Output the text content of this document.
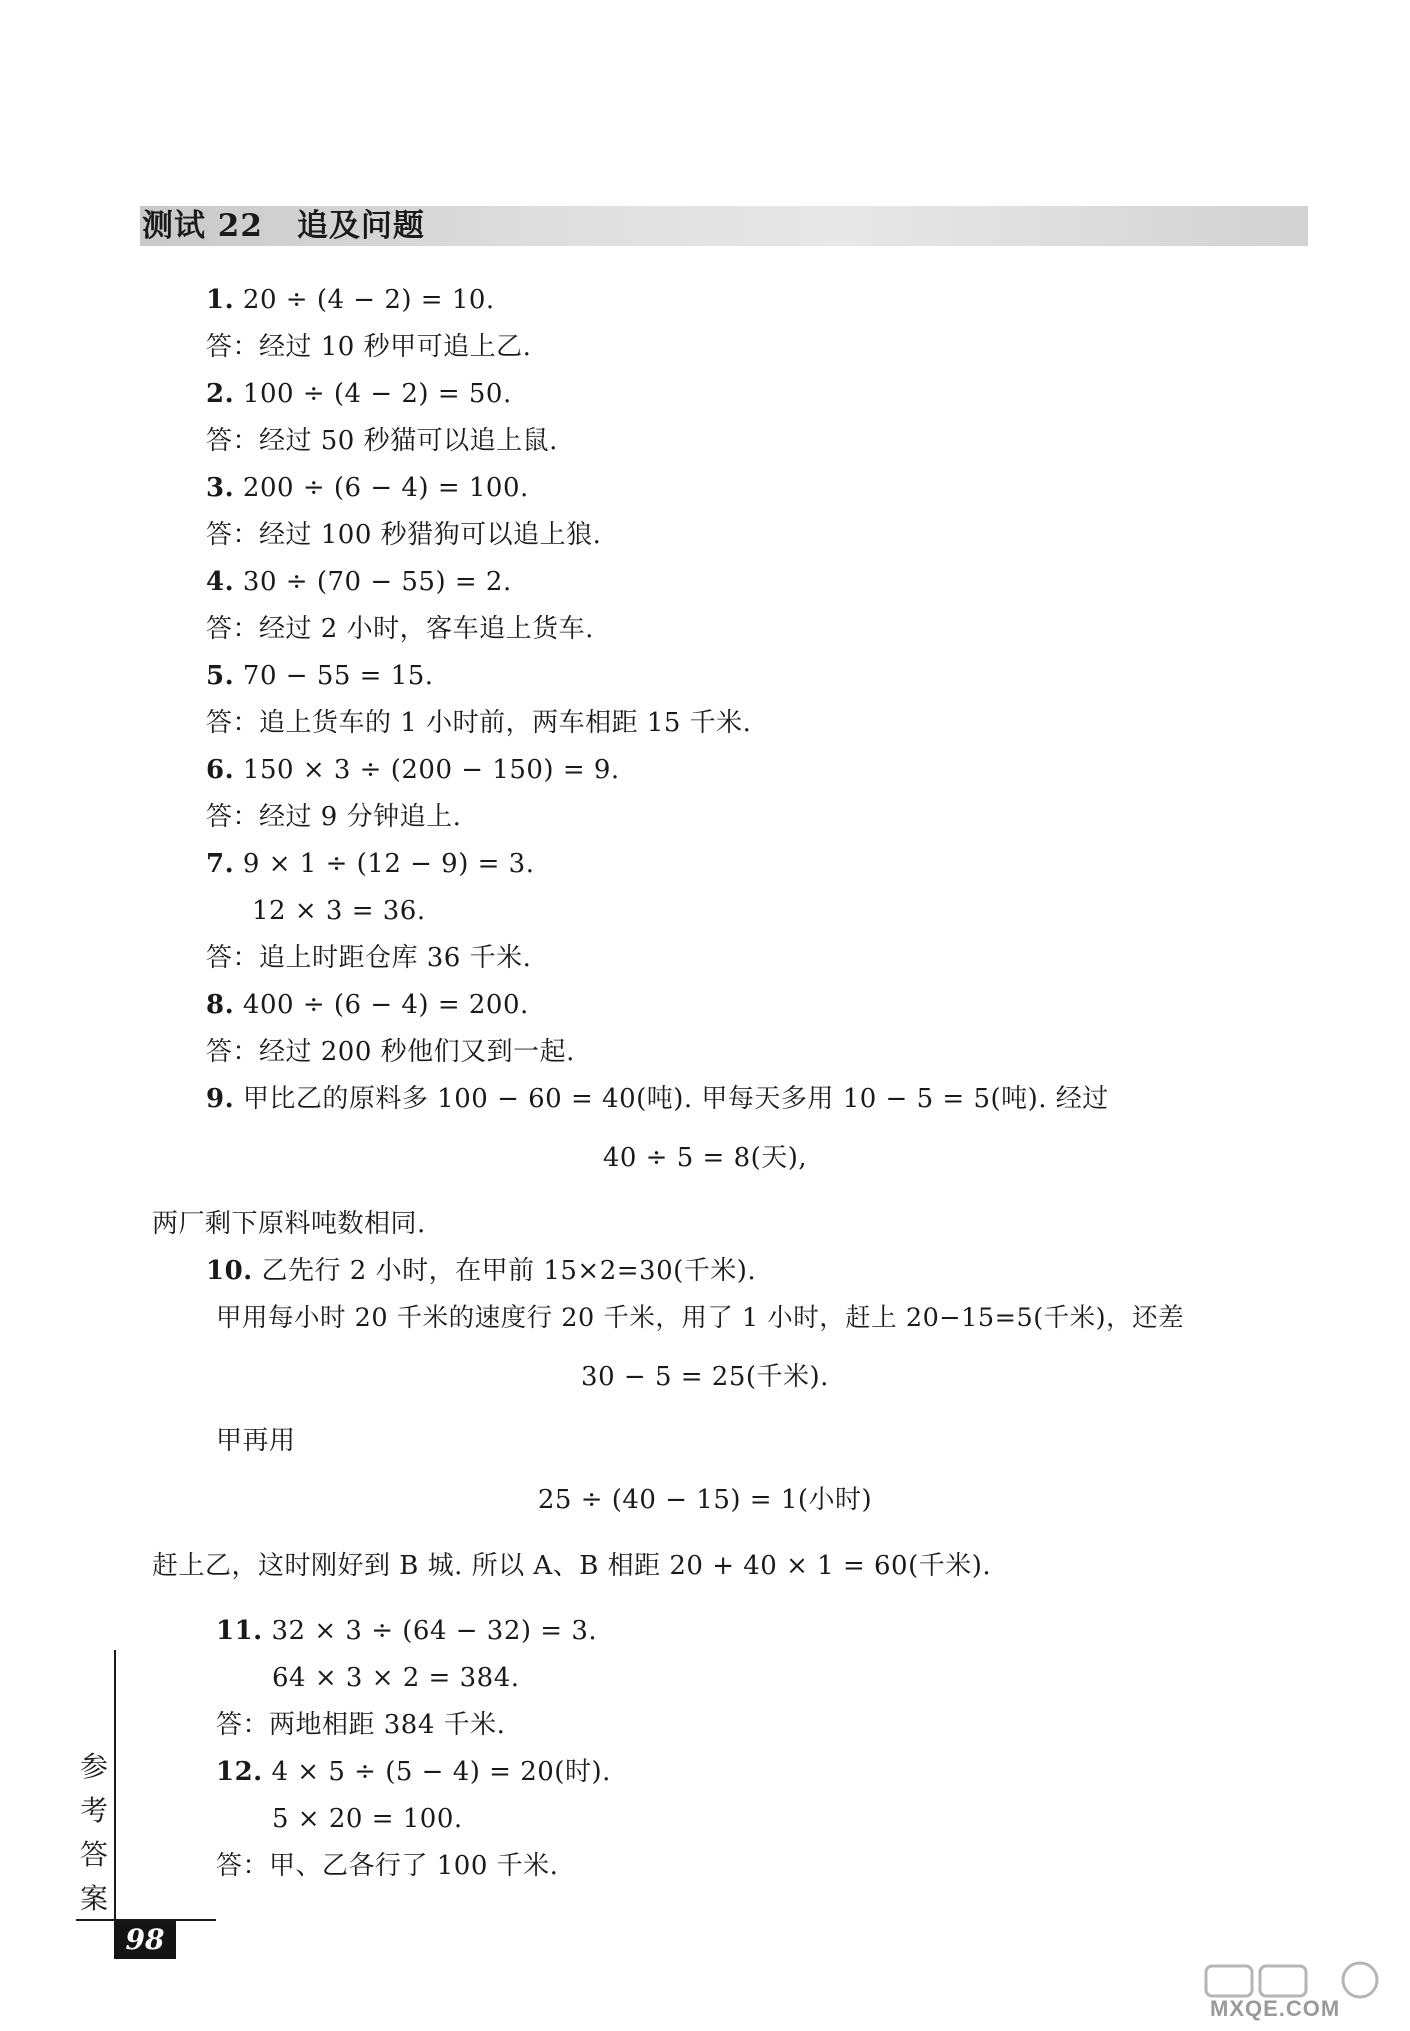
测试 22 追及问题
1. 20 ÷ (4 − 2) = 10.
答：经过 10 秒甲可追上乙.
2. 100 ÷ (4 − 2) = 50.
答：经过 50 秒猫可以追上鼠.
3. 200 ÷ (6 − 4) = 100.
答：经过 100 秒猎狗可以追上狼.
4. 30 ÷ (70 − 55) = 2.
答：经过 2 小时，客车追上货车.
5. 70 − 55 = 15.
答：追上货车的 1 小时前，两车相距 15 千米.
6. 150 × 3 ÷ (200 − 150) = 9.
答：经过 9 分钟追上.
7. 9 × 1 ÷ (12 − 9) = 3.
12 × 3 = 36.
答：追上时距仓库 36 千米.
8. 400 ÷ (6 − 4) = 200.
答：经过 200 秒他们又到一起.
9. 甲比乙的原料多 100 − 60 = 40(吨). 甲每天多用 10 − 5 = 5(吨). 经过
40 ÷ 5 = 8(天),
两厂剩下原料吨数相同.
10. 乙先行 2 小时，在甲前 15×2=30(千米).
甲用每小时 20 千米的速度行 20 千米，用了 1 小时，赶上 20−15=5(千米)，还差
30 − 5 = 25(千米).
甲再用
25 ÷ (40 − 15) = 1(小时)
赶上乙，这时刚好到 B 城. 所以 A、B 相距 20 + 40 × 1 = 60(千米).
11. 32 × 3 ÷ (64 − 32) = 3.
64 × 3 × 2 = 384.
答：两地相距 384 千米.
12. 4 × 5 ÷ (5 − 4) = 20(时).
5 × 20 = 100.
答：甲、乙各行了 100 千米.
参
考
答
案
98
MXQE.COM
